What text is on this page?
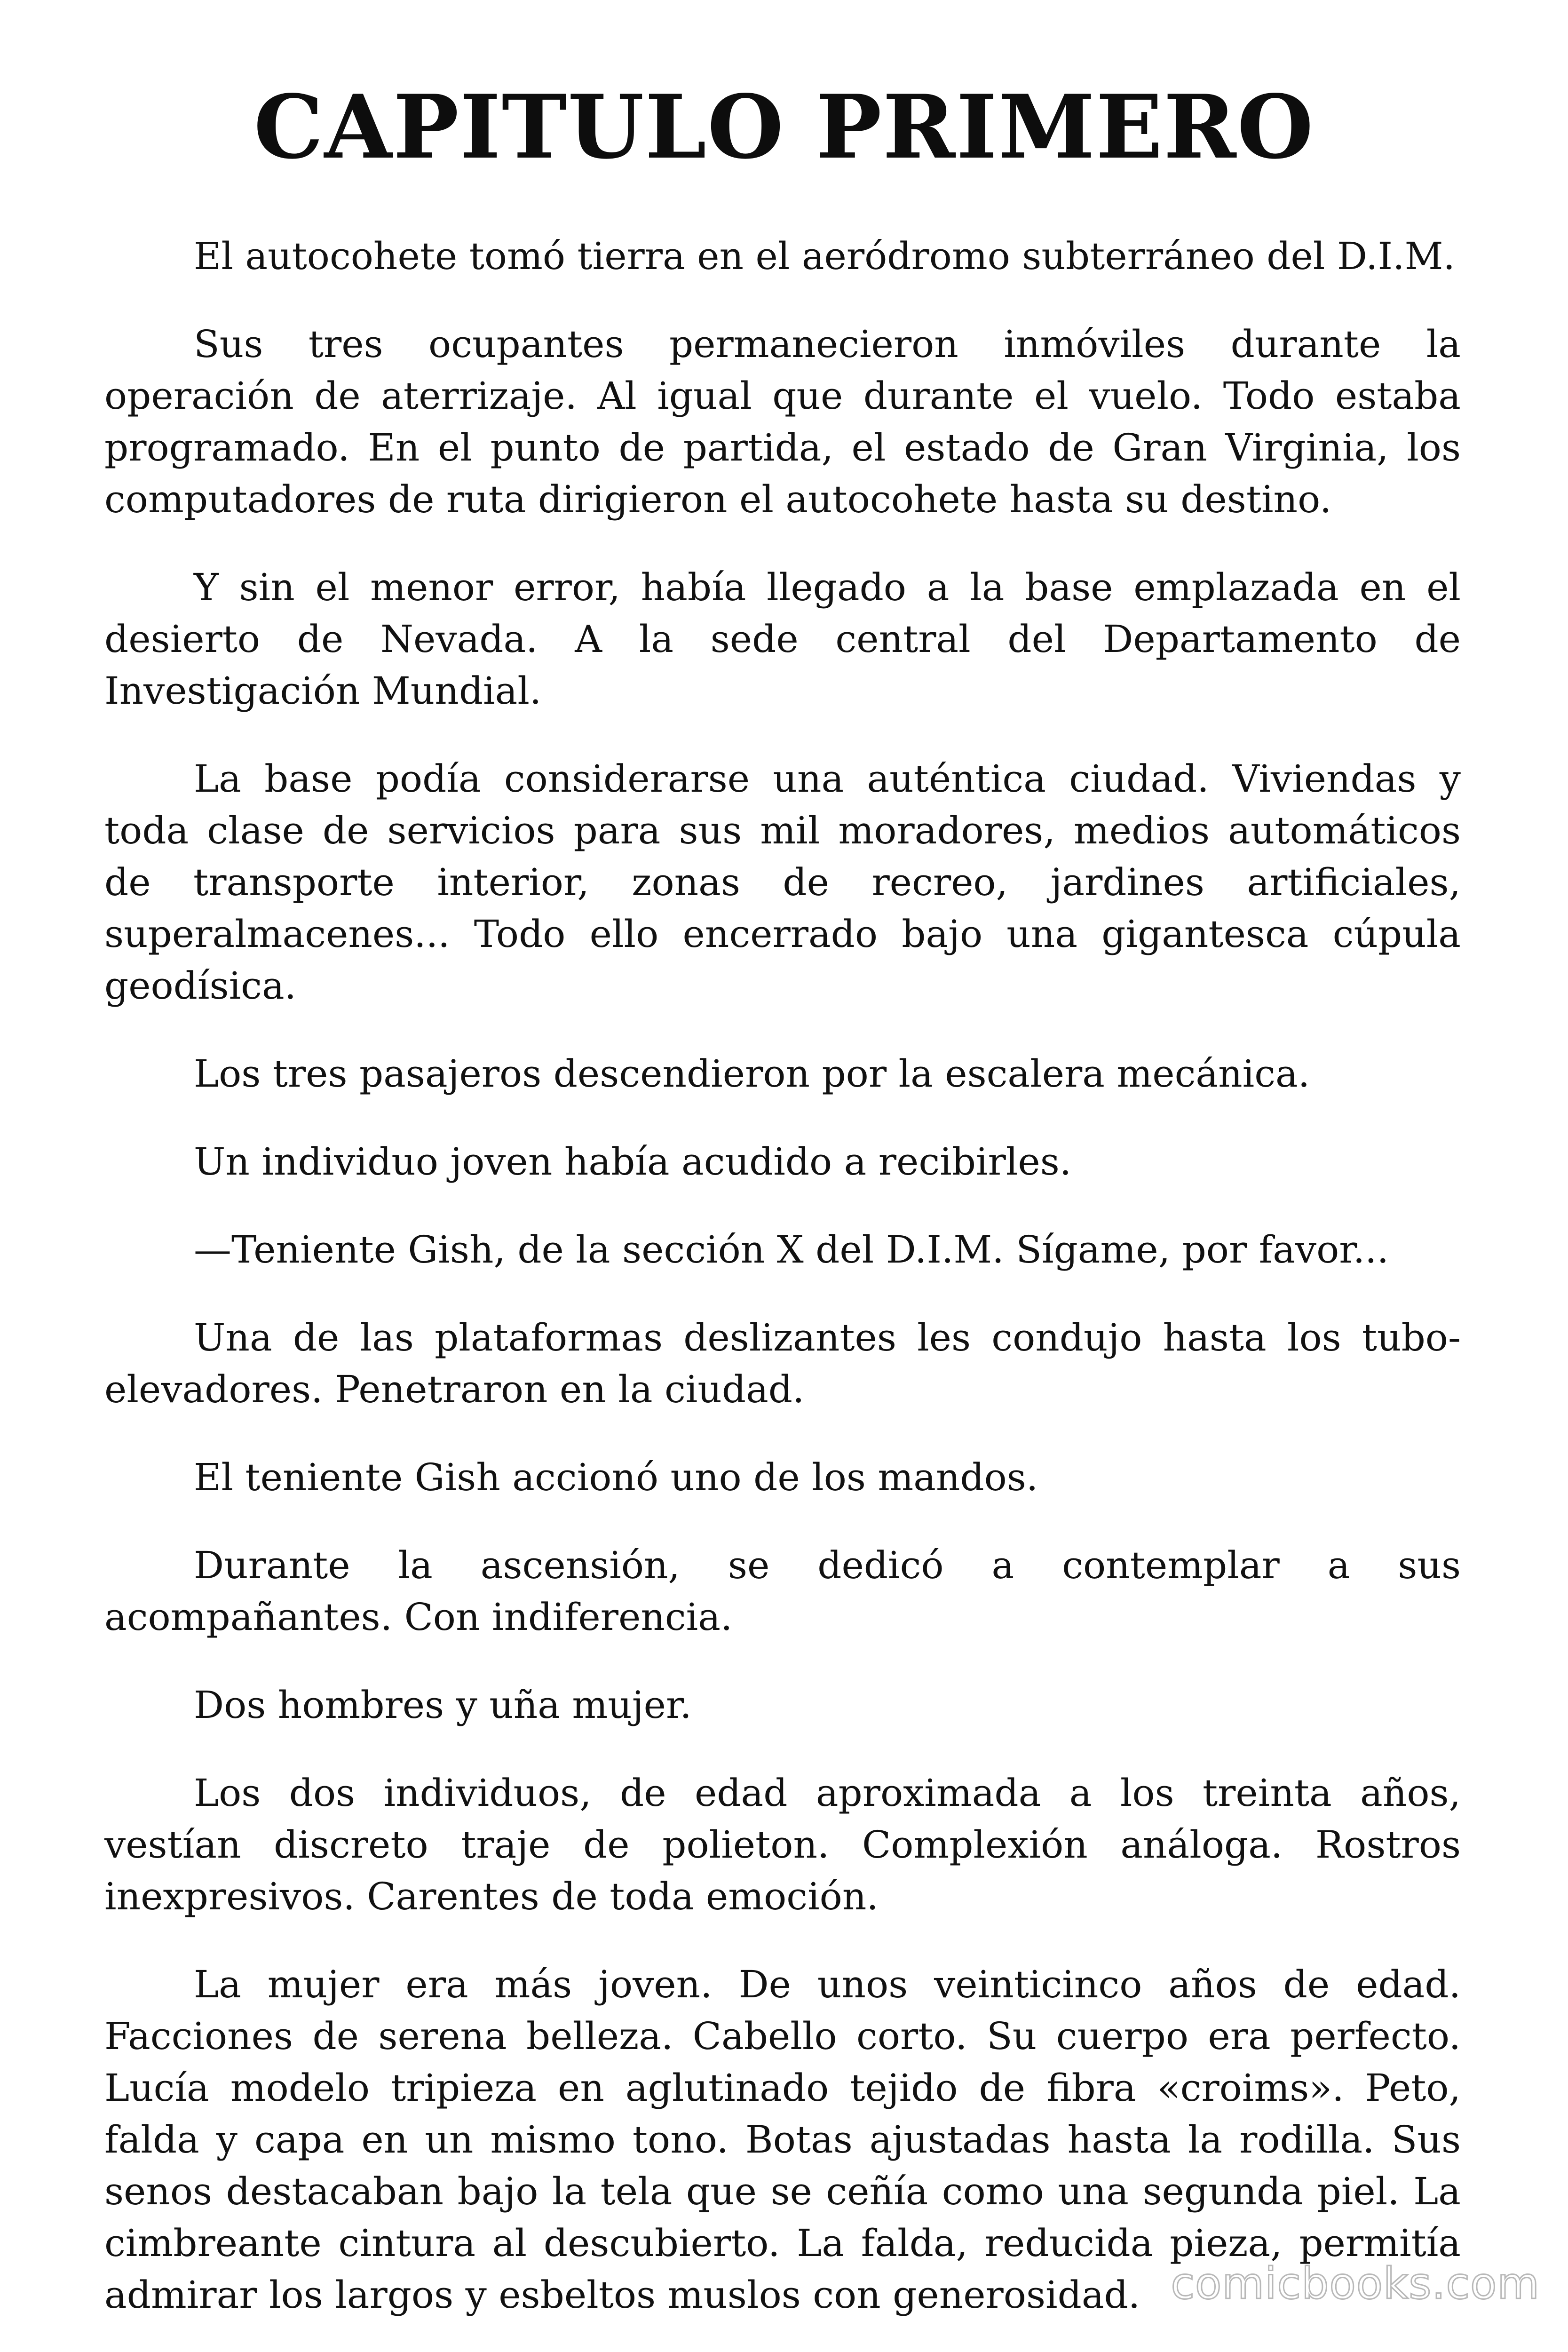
CAPITULO PRIMERO

El autocohete tomó tierra en el aeródromo subterráneo del D.I.M.

Sus tres ocupantes permanecieron inmóviles durante la operación de aterrizaje. Al igual que durante el vuelo. Todo estaba programado. En el punto de partida, el estado de Gran Virginia, los computadores de ruta dirigieron el autocohete hasta su destino.

Y sin el menor error, había llegado a la base emplazada en el desierto de Nevada. A la sede central del Departamento de Investigación Mundial.

La base podía considerarse una auténtica ciudad. Viviendas y toda clase de servicios para sus mil moradores, medios automáticos de transporte interior, zonas de recreo, jardines artificiales, superalmacenes... Todo ello encerrado bajo una gigantesca cúpula geodísica.

Los tres pasajeros descendieron por la escalera mecánica.

Un individuo joven había acudido a recibirles.

—Teniente Gish, de la sección X del D.I.M. Sígame, por favor...

Una de las plataformas deslizantes les condujo hasta los tubo-elevadores. Penetraron en la ciudad.

El teniente Gish accionó uno de los mandos.

Durante la ascensión, se dedicó a contemplar a sus acompañantes. Con indiferencia.

Dos hombres y uña mujer.

Los dos individuos, de edad aproximada a los treinta años, vestían discreto traje de polieton. Complexión análoga. Rostros inexpresivos. Carentes de toda emoción.

La mujer era más joven. De unos veinticinco años de edad. Facciones de serena belleza. Cabello corto. Su cuerpo era perfecto. Lucía modelo tripieza en aglutinado tejido de fibra «croims». Peto, falda y capa en un mismo tono. Botas ajustadas hasta la rodilla. Sus senos destacaban bajo la tela que se ceñía como una segunda piel. La cimbreante cintura al descubierto. La falda, reducida pieza, permitía admirar los largos y esbeltos muslos con generosidad. comicbooks.com
